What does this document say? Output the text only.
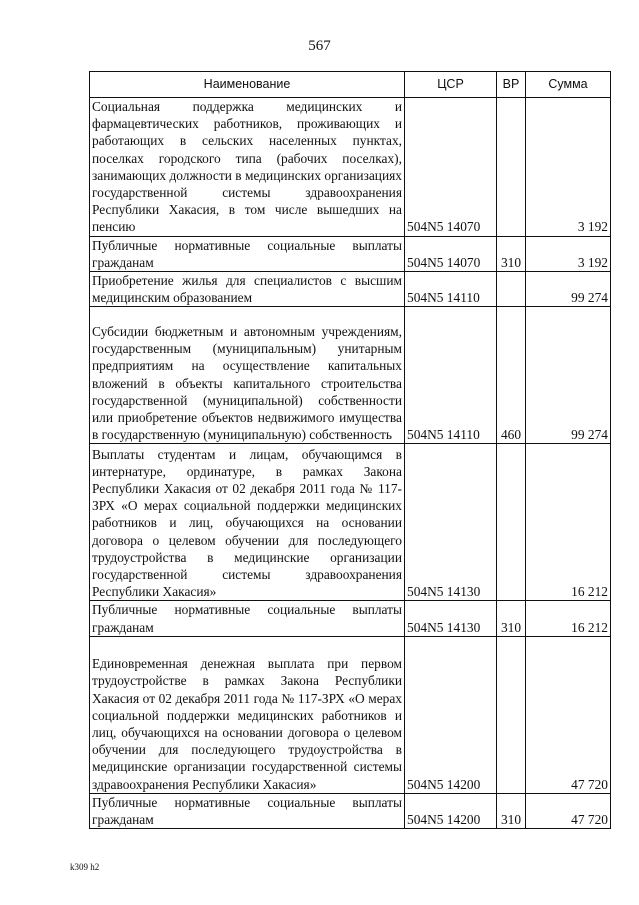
567
Наименование	ЦСР	ВР	Сумма
Социальная поддержка медицинских и фармацевтических работников, проживающих и работающих в сельских населенных пунктах, поселках городского типа (рабочих поселках), занимающих должности в медицинских организациях государственной системы здравоохранения Республики Хакасия, в том числе вышедших на пенсию	504N5 14070		3 192
Публичные нормативные социальные выплаты гражданам	504N5 14070	310	3 192
Приобретение жилья для специалистов с высшим медицинским образованием	504N5 14110		99 274
Субсидии бюджетным и автономным учреждениям, государственным (муниципальным) унитарным предприятиям на осуществление капитальных вложений в объекты капитального строительства государственной (муниципальной) собственности или приобретение объектов недвижимого имущества в государственную (муниципальную) собственность	504N5 14110	460	99 274
Выплаты студентам и лицам, обучающимся в интернатуре, ординатуре, в рамках Закона Республики Хакасия от 02 декабря 2011 года № 117-ЗРХ «О мерах социальной поддержки медицинских работников и лиц, обучающихся на основании договора о целевом обучении для последующего трудоустройства в медицинские организации государственной системы здравоохранения Республики Хакасия»	504N5 14130		16 212
Публичные нормативные социальные выплаты гражданам	504N5 14130	310	16 212
Единовременная денежная выплата при первом трудоустройстве в рамках Закона Республики Хакасия от 02 декабря 2011 года № 117-ЗРХ «О мерах социальной поддержки медицинских работников и лиц, обучающихся на основании договора о целевом обучении для последующего трудоустройства в медицинские организации государственной системы здравоохранения Республики Хакасия»	504N5 14200		47 720
Публичные нормативные социальные выплаты гражданам	504N5 14200	310	47 720
k309 h2
